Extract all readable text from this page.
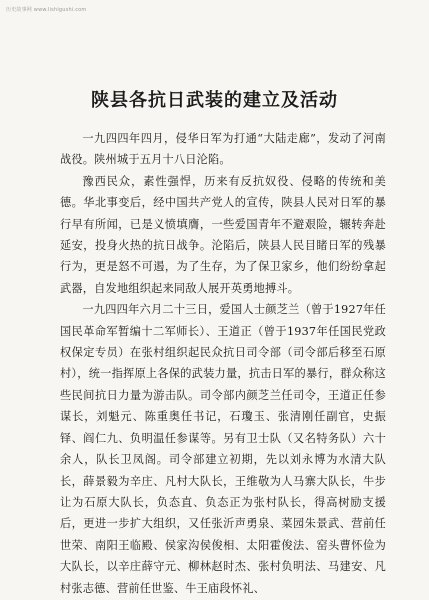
历史故事网 www.lishigushi.com
陕县各抗日武装的建立及活动

一九四四年四月，侵华日军为打通“大陆走廊”，发动了河南战役。陕州城于五月十八日沦陷。

豫西民众，素性强悍，历来有反抗奴役、侵略的传统和美德。华北事变后，经中国共产党人的宣传，陕县人民对日军的暴行早有所闻，已是义愤填膺，一些爱国青年不避艰险，辗转奔赴延安，投身火热的抗日战争。沦陷后，陕县人民目睹日军的残暴行为，更是怒不可遏，为了生存，为了保卫家乡，他们纷纷拿起武器，自发地组织起来同敌人展开英勇地搏斗。

一九四四年六月二十三日，爱国人士颜芝兰（曾于1927年任国民革命军暂编十二军师长）、王道正（曾于1937年任国民党政权保定专员）在张村组织起民众抗日司令部（司令部后移至石原村），统一指挥原上各保的武装力量，抗击日军的暴行，群众称这些民间抗日力量为游击队。司令部内颜芝兰任司令，王道正任参谋长，刘魁元、陈重奥任书记，石瓊玉、张清刚任副官，史振铎、阎仁九、负明温任参谋等。另有卫士队（又名特务队）六十余人，队长卫凤阁。司令部建立初期，先以刘永博为水清大队长，薛景毅为辛庄、凡村大队长，王维敬为人马寨大队长，牛步让为石原大队长，负态直、负态正为张村队长，得高树励支援后，更进一步扩大组织，又任张沂声勇泉、菜园朱景武、营前任世荣、南阳王临殿、侯家沟侯俊相、太阳霍俊法、窑头曹怀俭为大队长，以辛庄薛守元、柳林赵时杰、张村负明法、马建安、凡村张志德、营前任世鉴、牛王庙段怀礼、
